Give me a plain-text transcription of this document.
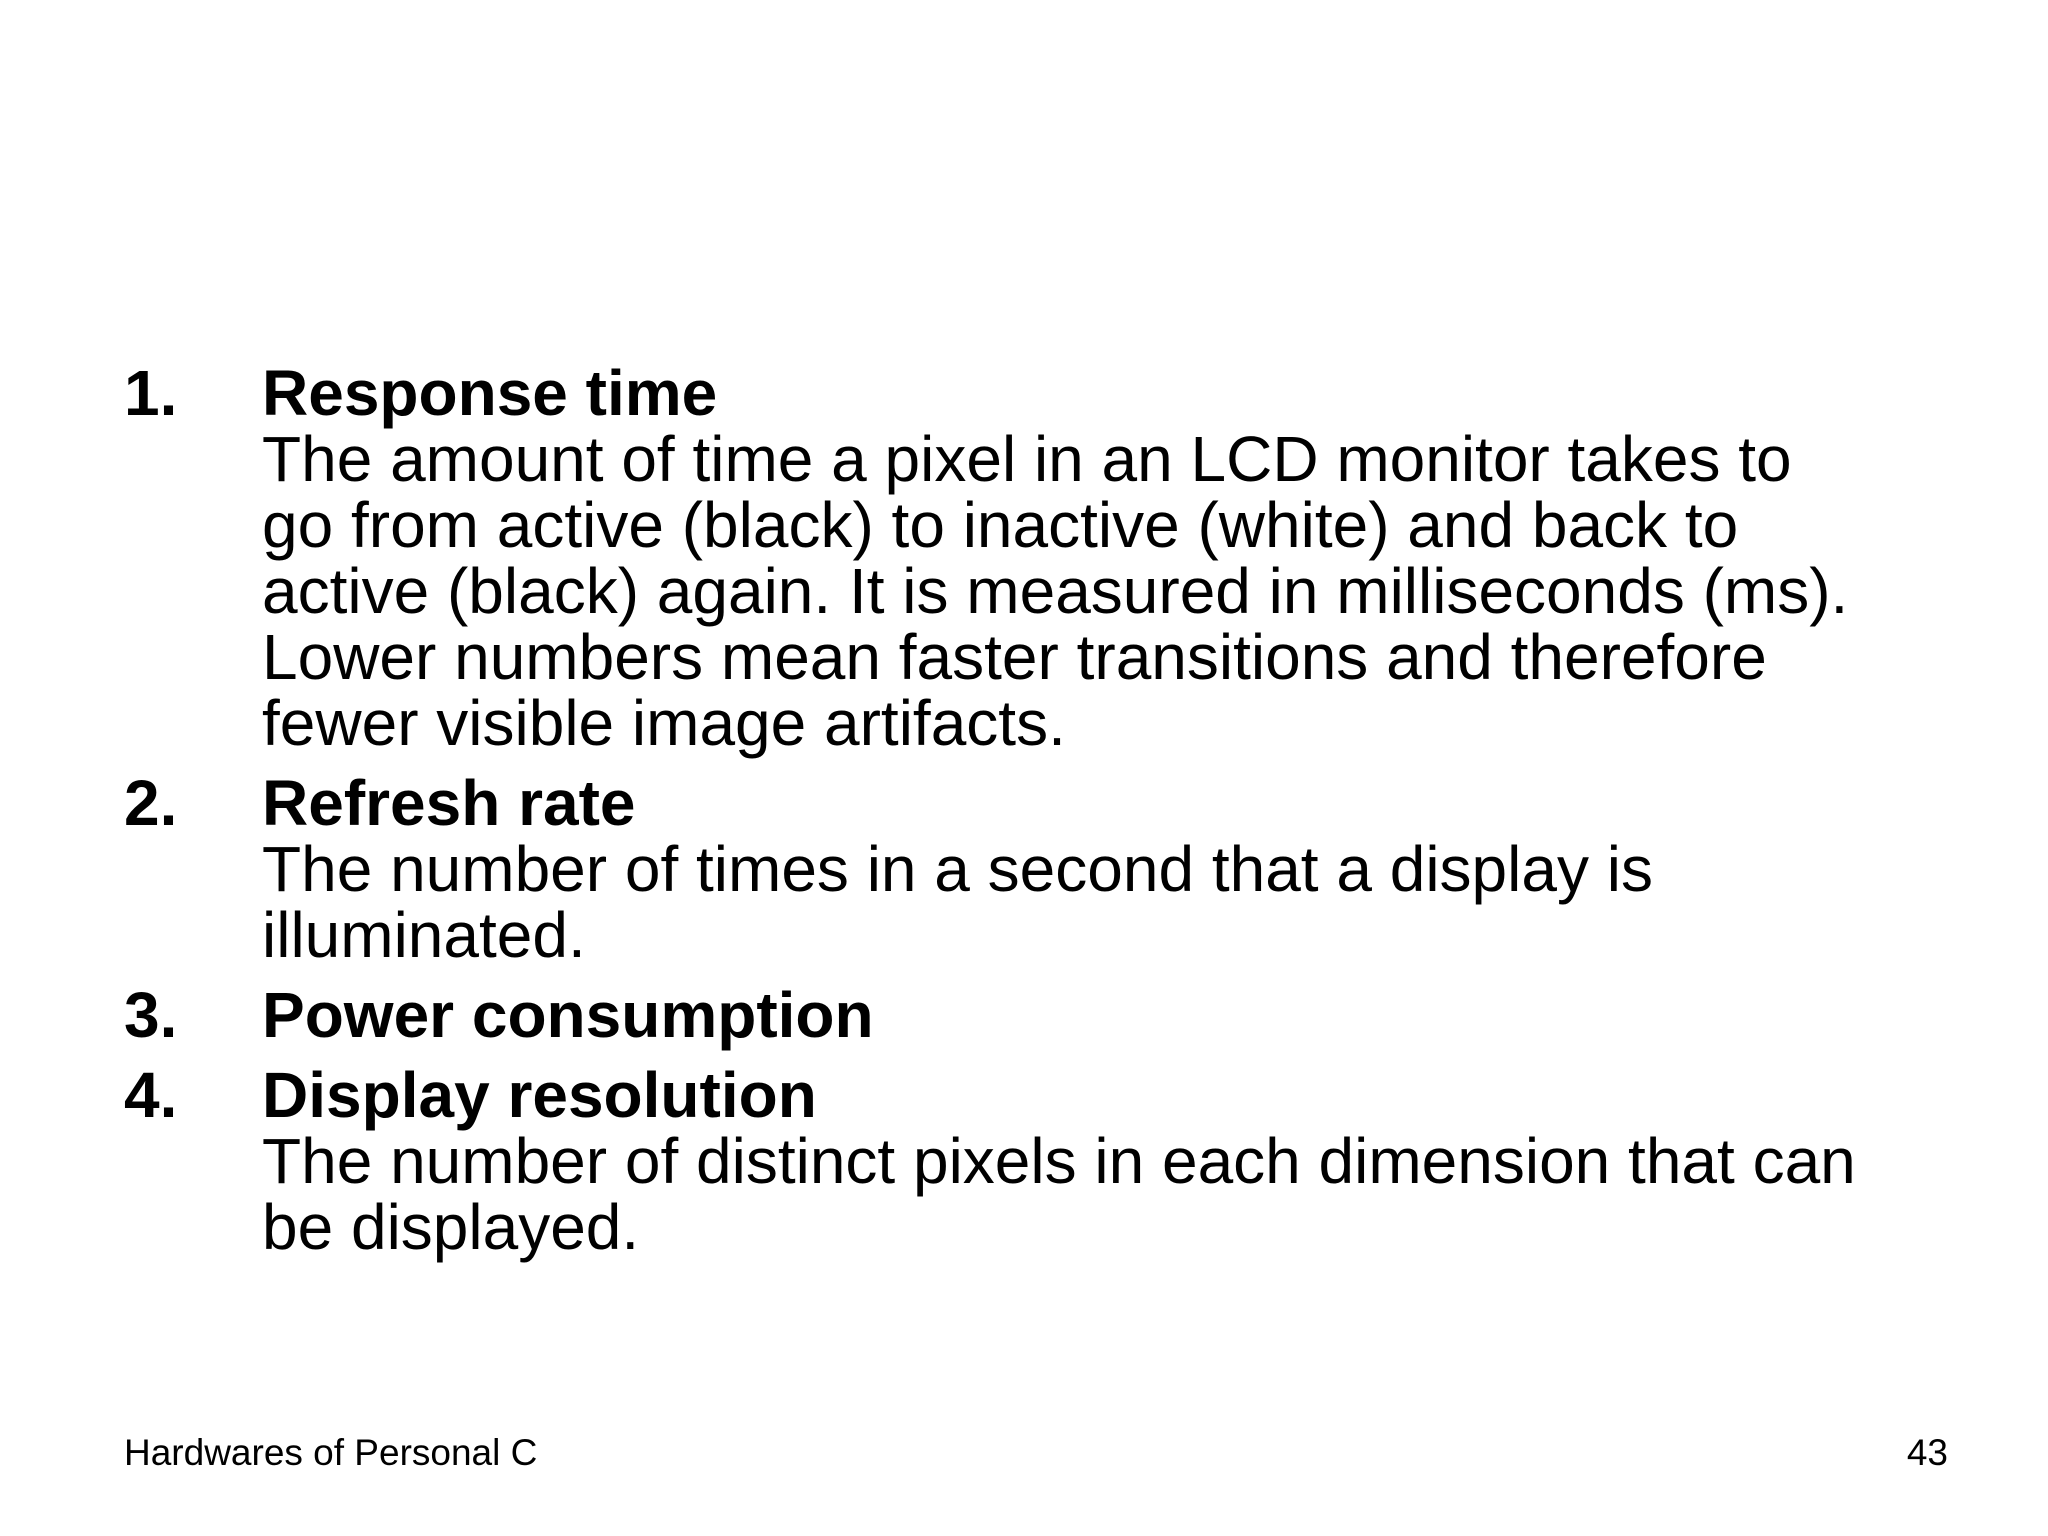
1. Response time
The amount of time a pixel in an LCD monitor takes to
go from active (black) to inactive (white) and back to
active (black) again. It is measured in milliseconds (ms).
Lower numbers mean faster transitions and therefore
fewer visible image artifacts.
2. Refresh rate
The number of times in a second that a display is
illuminated.
3. Power consumption
4. Display resolution
The number of distinct pixels in each dimension that can
be displayed.
Hardwares of Personal C	43
